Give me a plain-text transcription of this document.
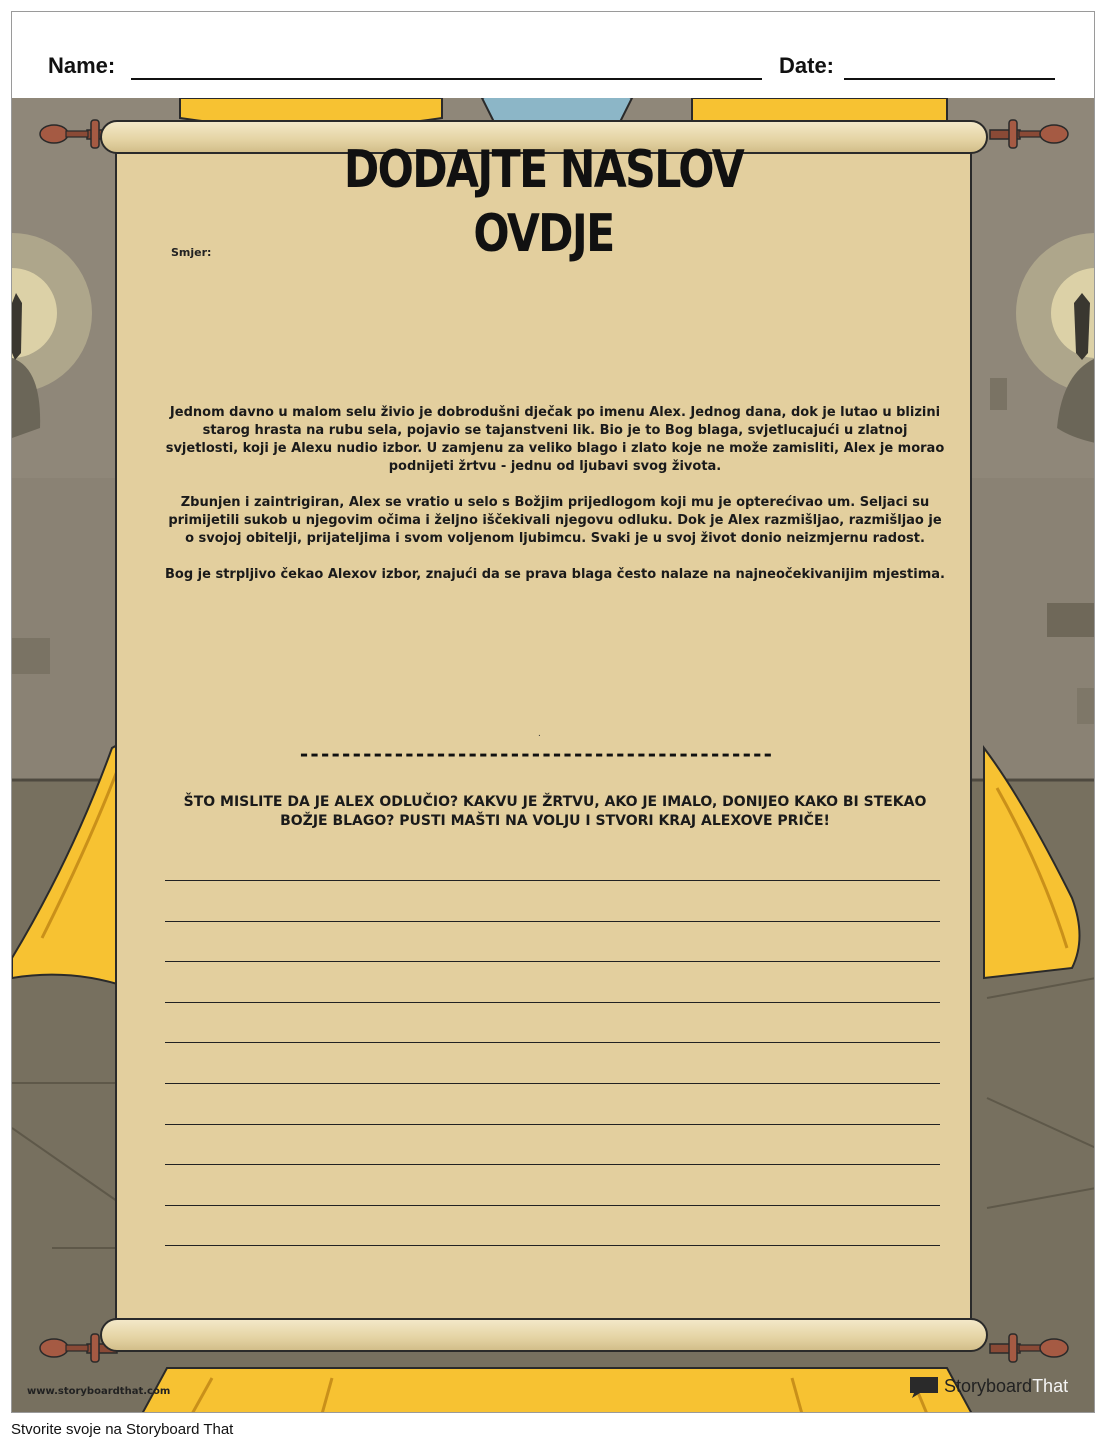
Name:	Date:
DODAJTE NASLOV
OVDJE
Smjer:

Jednom davno u malom selu živio je dobrodušni dječak po imenu Alex. Jednog dana, dok je lutao u blizini starog hrasta na rubu sela, pojavio se tajanstveni lik. Bio je to Bog blaga, svjetlucajući u zlatnoj svjetlosti, koji je Alexu nudio izbor. U zamjenu za veliko blago i zlato koje ne može zamisliti, Alex je morao podnijeti žrtvu - jednu od ljubavi svog života.

Zbunjen i zaintrigiran, Alex se vratio u selo s Božjim prijedlogom koji mu je opterećivao um. Seljaci su primijetili sukob u njegovim očima i željno iščekivali njegovu odluku. Dok je Alex razmišljao, razmišljao je o svojoj obitelji, prijateljima i svom voljenom ljubimcu. Svaki je u svoj život donio neizmjernu radost.

Bog je strpljivo čekao Alexov izbor, znajući da se prava blaga često nalaze na najneočekivanijim mjestima.

.
---------------------------------------------
ŠTO MISLITE DA JE ALEX ODLUČIO? KAKVU JE ŽRTVU, AKO JE IMALO, DONIJEO KAKO BI STEKAO
BOŽJE BLAGO? PUSTI MAŠTI NA VOLJU I STVORI KRAJ ALEXOVE PRIČE!
www.storyboardthat.com	StoryboardThat
Stvorite svoje na Storyboard That
